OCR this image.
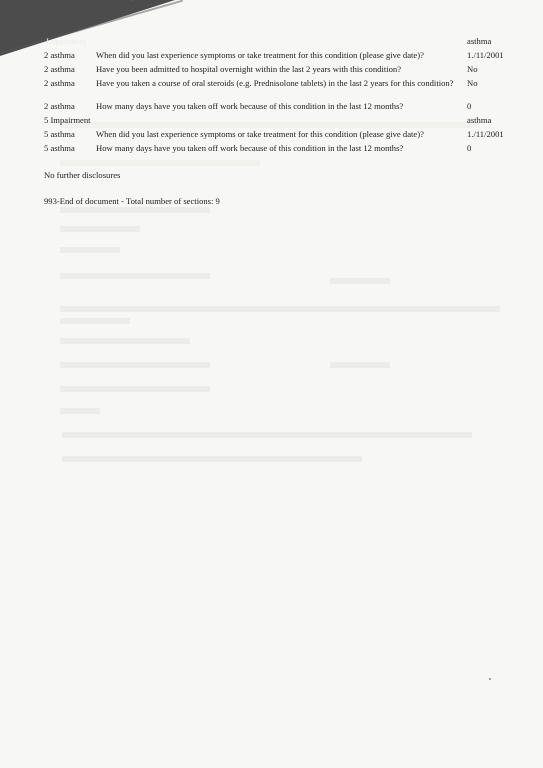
Impairment	asthma
2 asthma When did you last experience symptoms or take treatment for this condition (please give date)?	1./11/2001
2 asthma Have you been admitted to hospital overnight within the last 2 years with this condition?	No
2 asthma Have you taken a course of oral steroids (e.g. Prednisolone tablets) in the last 2 years for this condition?	No
2 asthma How many days have you taken off work because of this condition in the last 12 months?	0
5 Impairment	asthma
5 asthma When did you last experience symptoms or take treatment for this condition (please give date)?	1./11/2001
5 asthma How many days have you taken off work because of this condition in the last 12 months?	0
No further disclosures
993-End of document - Total number of sections: 9
